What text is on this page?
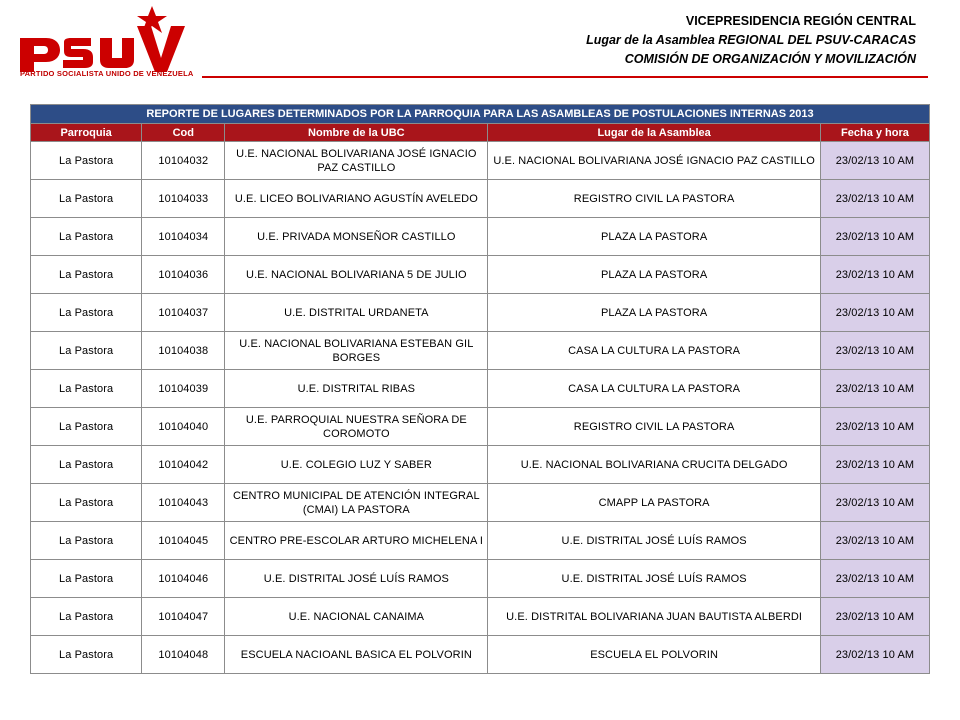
PARTIDO SOCIALISTA UNIDO DE VENEZUELA
VICEPRESIDENCIA REGIÓN CENTRAL
Lugar de la Asamblea REGIONAL DEL PSUV-CARACAS
COMISIÓN DE ORGANIZACIÓN Y MOVILIZACIÓN
REPORTE DE LUGARES DETERMINADOS POR LA PARROQUIA PARA LAS ASAMBLEAS DE POSTULACIONES INTERNAS 2013				
Parroquia	Cod	Nombre de la UBC	Lugar de la Asamblea	Fecha y hora
La Pastora	10104032	U.E. NACIONAL BOLIVARIANA JOSÉ IGNACIO PAZ CASTILLO	U.E. NACIONAL BOLIVARIANA JOSÉ IGNACIO PAZ CASTILLO	23/02/13 10 AM
La Pastora	10104033	U.E. LICEO BOLIVARIANO AGUSTÍN AVELEDO	REGISTRO CIVIL LA PASTORA	23/02/13 10 AM
La Pastora	10104034	U.E. PRIVADA MONSEÑOR CASTILLO	PLAZA LA PASTORA	23/02/13 10 AM
La Pastora	10104036	U.E. NACIONAL BOLIVARIANA 5 DE JULIO	PLAZA LA PASTORA	23/02/13 10 AM
La Pastora	10104037	U.E. DISTRITAL URDANETA	PLAZA LA PASTORA	23/02/13 10 AM
La Pastora	10104038	U.E. NACIONAL BOLIVARIANA ESTEBAN GIL BORGES	CASA LA CULTURA LA PASTORA	23/02/13 10 AM
La Pastora	10104039	U.E. DISTRITAL RIBAS	CASA LA CULTURA LA PASTORA	23/02/13 10 AM
La Pastora	10104040	U.E. PARROQUIAL NUESTRA SEÑORA DE COROMOTO	REGISTRO CIVIL LA PASTORA	23/02/13 10 AM
La Pastora	10104042	U.E. COLEGIO LUZ Y SABER	U.E. NACIONAL BOLIVARIANA CRUCITA DELGADO	23/02/13 10 AM
La Pastora	10104043	CENTRO MUNICIPAL DE ATENCIÓN INTEGRAL (CMAI) LA PASTORA	CMAPP LA PASTORA	23/02/13 10 AM
La Pastora	10104045	CENTRO PRE-ESCOLAR ARTURO MICHELENA I	U.E. DISTRITAL JOSÉ LUÍS RAMOS	23/02/13 10 AM
La Pastora	10104046	U.E. DISTRITAL JOSÉ LUÍS RAMOS	U.E. DISTRITAL JOSÉ LUÍS RAMOS	23/02/13 10 AM
La Pastora	10104047	U.E. NACIONAL CANAIMA	U.E. DISTRITAL BOLIVARIANA JUAN BAUTISTA ALBERDI	23/02/13 10 AM
La Pastora	10104048	ESCUELA NACIOANL BASICA EL POLVORIN	ESCUELA EL POLVORIN	23/02/13 10 AM
